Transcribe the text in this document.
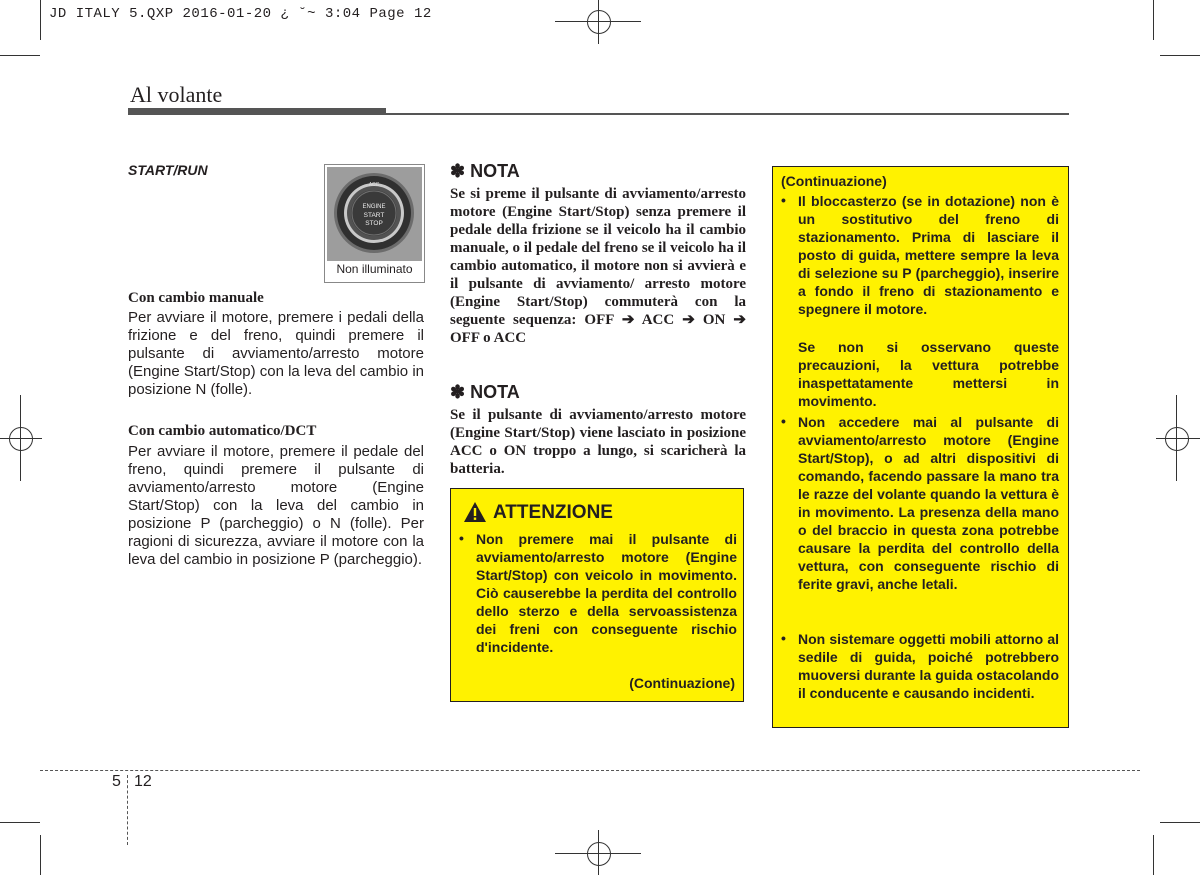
JD ITALY 5.QXP 2016-01-20 ¿ ˘~ 3:04 Page 12
Al volante
START/RUN
ACC
ENGINE
START
STOP
Non illuminato
Con cambio manuale
Per avviare il motore, premere i pedali della frizione e del freno, quindi premere il pulsante di avviamento/arresto motore (Engine Start/Stop) con la leva del cambio in posizione N (folle).
Con cambio automatico/DCT
Per avviare il motore, premere il pedale del freno, quindi premere il pulsante di avviamento/arresto motore (Engine Start/Stop) con la leva del cambio in posizione P (parcheggio) o N (folle). Per ragioni di sicurezza, avviare il motore con la leva del cambio in posizione P (parcheggio).
✽ NOTA
Se si preme il pulsante di avviamento/arresto motore (Engine Start/Stop) senza premere il pedale della frizione se il veicolo ha il cambio manuale, o il pedale del freno se il veicolo ha il cambio automatico, il motore non si avvierà e il pulsante di avviamento/ arresto motore (Engine Start/Stop) commuterà con la seguente sequenza: OFF ➔ ACC ➔ ON ➔ OFF o ACC
✽ NOTA
Se il pulsante di avviamento/arresto motore (Engine Start/Stop) viene lasciato in posizione ACC o ON troppo a lungo, si scaricherà la batteria.
ATTENZIONE
• Non premere mai il pulsante di avviamento/arresto motore (Engine Start/Stop) con veicolo in movimento. Ciò causerebbe la perdita del controllo dello sterzo e della servoassistenza dei freni con conseguente rischio d'incidente.
(Continuazione)
(Continuazione)
• Il bloccasterzo (se in dotazione) non è un sostitutivo del freno di stazionamento. Prima di lasciare il posto di guida, mettere sempre la leva di selezione su P (parcheggio), inserire a fondo il freno di stazionamento e spegnere il motore.
Se non si osservano queste precauzioni, la vettura potrebbe inaspettatamente mettersi in movimento.
• Non accedere mai al pulsante di avviamento/arresto motore (Engine Start/Stop), o ad altri dispositivi di comando, facendo passare la mano tra le razze del volante quando la vettura è in movimento. La presenza della mano o del braccio in questa zona potrebbe causare la perdita del controllo della vettura, con conseguente rischio di ferite gravi, anche letali.
• Non sistemare oggetti mobili attorno al sedile di guida, poiché potrebbero muoversi durante la guida ostacolando il conducente e causando incidenti.
5 12
